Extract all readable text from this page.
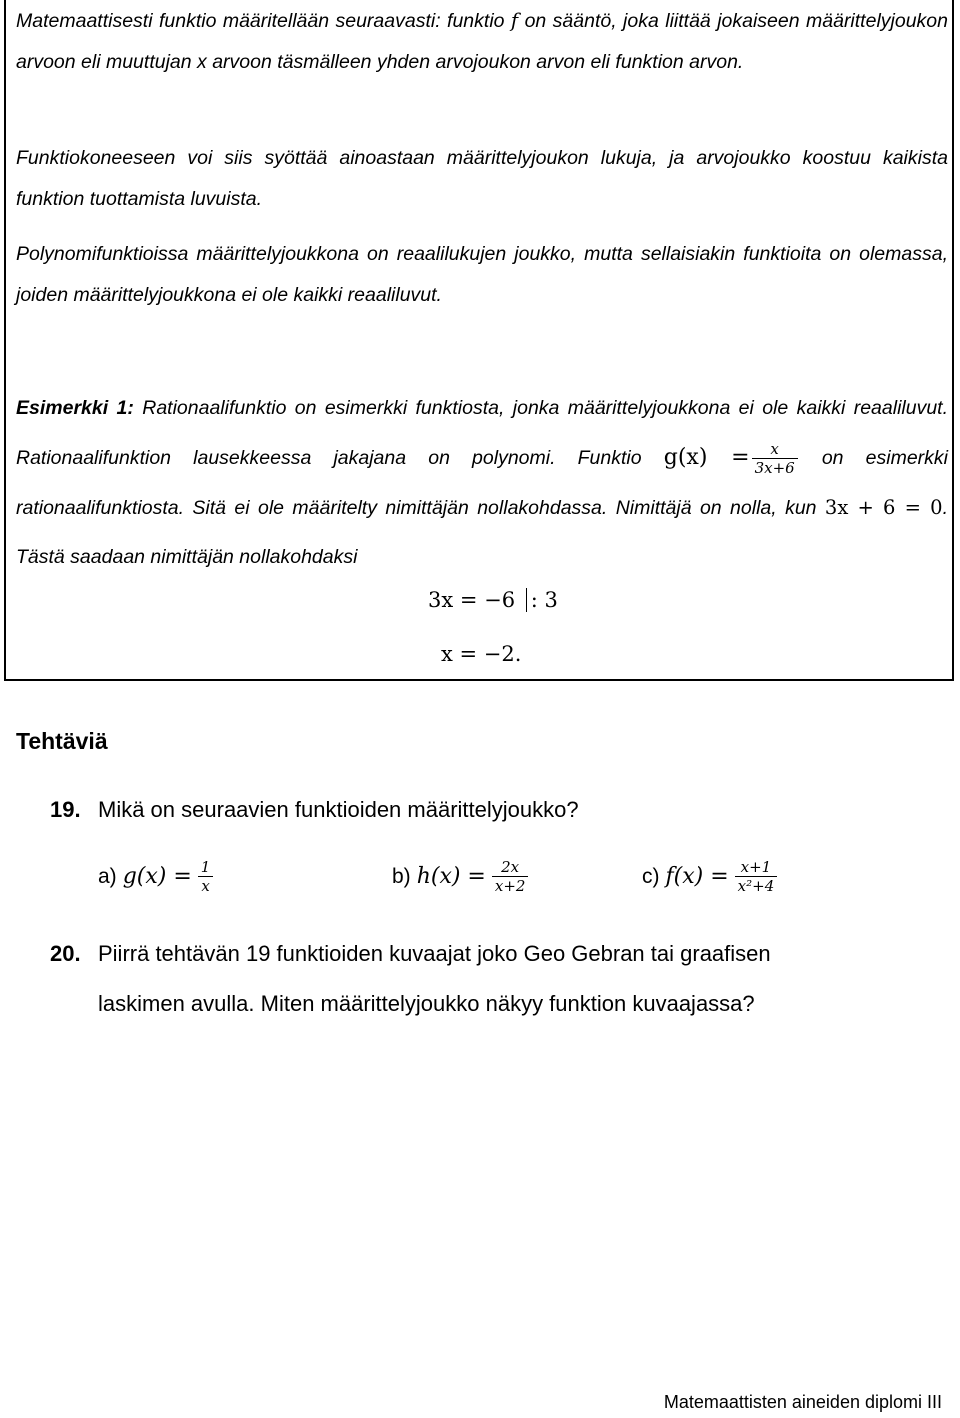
Matemaattisesti funktio määritellään seuraavasti: funktio f on sääntö, joka liittää jokaiseen määrittelyjoukon arvoon eli muuttujan x arvoon täsmälleen yhden arvojoukon arvon eli funktion arvon.

Funktiokoneeseen voi siis syöttää ainoastaan määrittelyjoukon lukuja, ja arvojoukko koostuu kaikista funktion tuottamista luvuista.

Polynomifunktioissa määrittelyjoukkona on reaalilukujen joukko, mutta sellaisiakin funktioita on olemassa, joiden määrittelyjoukkona ei ole kaikki reaaliluvut.

Esimerkki 1: Rationaalifunktio on esimerkki funktiosta, jonka määrittelyjoukkona ei ole kaikki reaaliluvut. Rationaalifunktion lausekkeessa jakajana on polynomi. Funktio $g(x) = \frac{x}{3x+6}$ on esimerkki rationaalifunktiosta. Sitä ei ole määritelty nimittäjän nollakohdassa. Nimittäjä on nolla, kun 3x + 6 = 0. Tästä saadaan nimittäjän nollakohdaksi

3x = −6 : 3
x = −2.
Tehtäviä
19. Mikä on seuraavien funktioiden määrittelyjoukko?
a) $g(x) = \frac{1}{x}$	b) $h(x) = \frac{2x}{x+2}$	c) $f(x) = \frac{x+1}{\text{x²+4}}$
20. Piirrä tehtävän 19 funktioiden kuvaajat joko Geo Gebran tai graafisen
laskimen avulla. Miten määrittelyjoukko näkyy funktion kuvaajassa?
Matemaattisten aineiden diplomi III
